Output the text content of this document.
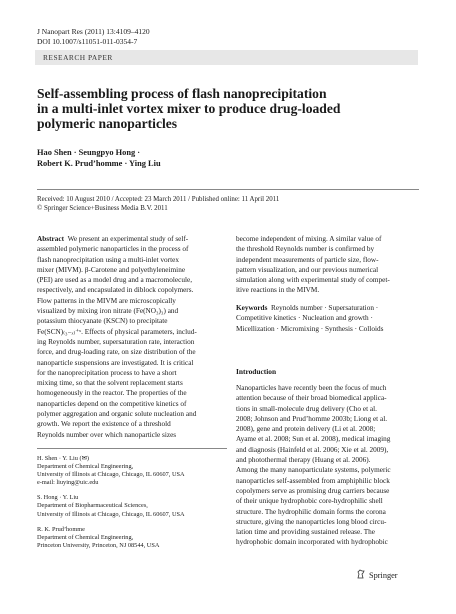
J Nanopart Res (2011) 13:4109–4120
DOI 10.1007/s11051-011-0354-7
RESEARCH PAPER
Self-assembling process of flash nanoprecipitation
in a multi-inlet vortex mixer to produce drug-loaded
polymeric nanoparticles
Hao Shen · Seungpyo Hong ·
Robert K. Prud’homme · Ying Liu
Received: 10 August 2010 / Accepted: 23 March 2011 / Published online: 11 April 2011
© Springer Science+Business Media B.V. 2011
Abstract We present an experimental study of self-
assembled polymeric nanoparticles in the process of
flash nanoprecipitation using a multi-inlet vortex
mixer (MIVM). β-Carotene and polyethyleneimine
(PEI) are used as a model drug and a macromolecule,
respectively, and encapsulated in diblock copolymers.
Flow patterns in the MIVM are microscopically
visualized by mixing iron nitrate (Fe(NO₃)₃) and
potassium thiocyanate (KSCN) to precipitate
Fe(SCN)₍₃₋ₓ₎⁺ˣ. Effects of physical parameters, includ-
ing Reynolds number, supersaturation rate, interaction
force, and drug-loading rate, on size distribution of the
nanoparticle suspensions are investigated. It is critical
for the nanoprecipitation process to have a short
mixing time, so that the solvent replacement starts
homogeneously in the reactor. The properties of the
nanoparticles depend on the competitive kinetics of
polymer aggregation and organic solute nucleation and
growth. We report the existence of a threshold
Reynolds number over which nanoparticle sizes
H. Shen · Y. Liu (✉)
Department of Chemical Engineering,
University of Illinois at Chicago, Chicago, IL 60607, USA
e-mail: liuying@uic.edu
S. Hong · Y. Liu
Department of Biopharmaceutical Sciences,
University of Illinois at Chicago, Chicago, IL 60607, USA
R. K. Prud’homme
Department of Chemical Engineering,
Princeton University, Princeton, NJ 08544, USA
become independent of mixing. A similar value of
the threshold Reynolds number is confirmed by
independent measurements of particle size, flow-
pattern visualization, and our previous numerical
simulation along with experimental study of compet-
itive reactions in the MIVM.
Keywords Reynolds number · Supersaturation ·
Competitive kinetics · Nucleation and growth ·
Micellization · Micromixing · Synthesis · Colloids
Introduction
Nanoparticles have recently been the focus of much
attention because of their broad biomedical applica-
tions in small-molecule drug delivery (Cho et al.
2008; Johnson and Prud’homme 2003b; Liong et al.
2008), gene and protein delivery (Li et al. 2008;
Ayame et al. 2008; Sun et al. 2008), medical imaging
and diagnosis (Hainfeld et al. 2006; Xie et al. 2009),
and photothermal therapy (Huang et al. 2006).
Among the many nanoparticulate systems, polymeric
nanoparticles self-assembled from amphiphilic block
copolymers serve as promising drug carriers because
of their unique hydrophobic core-hydrophilic shell
structure. The hydrophilic domain forms the corona
structure, giving the nanoparticles long blood circu-
lation time and providing sustained release. The
hydrophobic domain incorporated with hydrophobic
Springer
